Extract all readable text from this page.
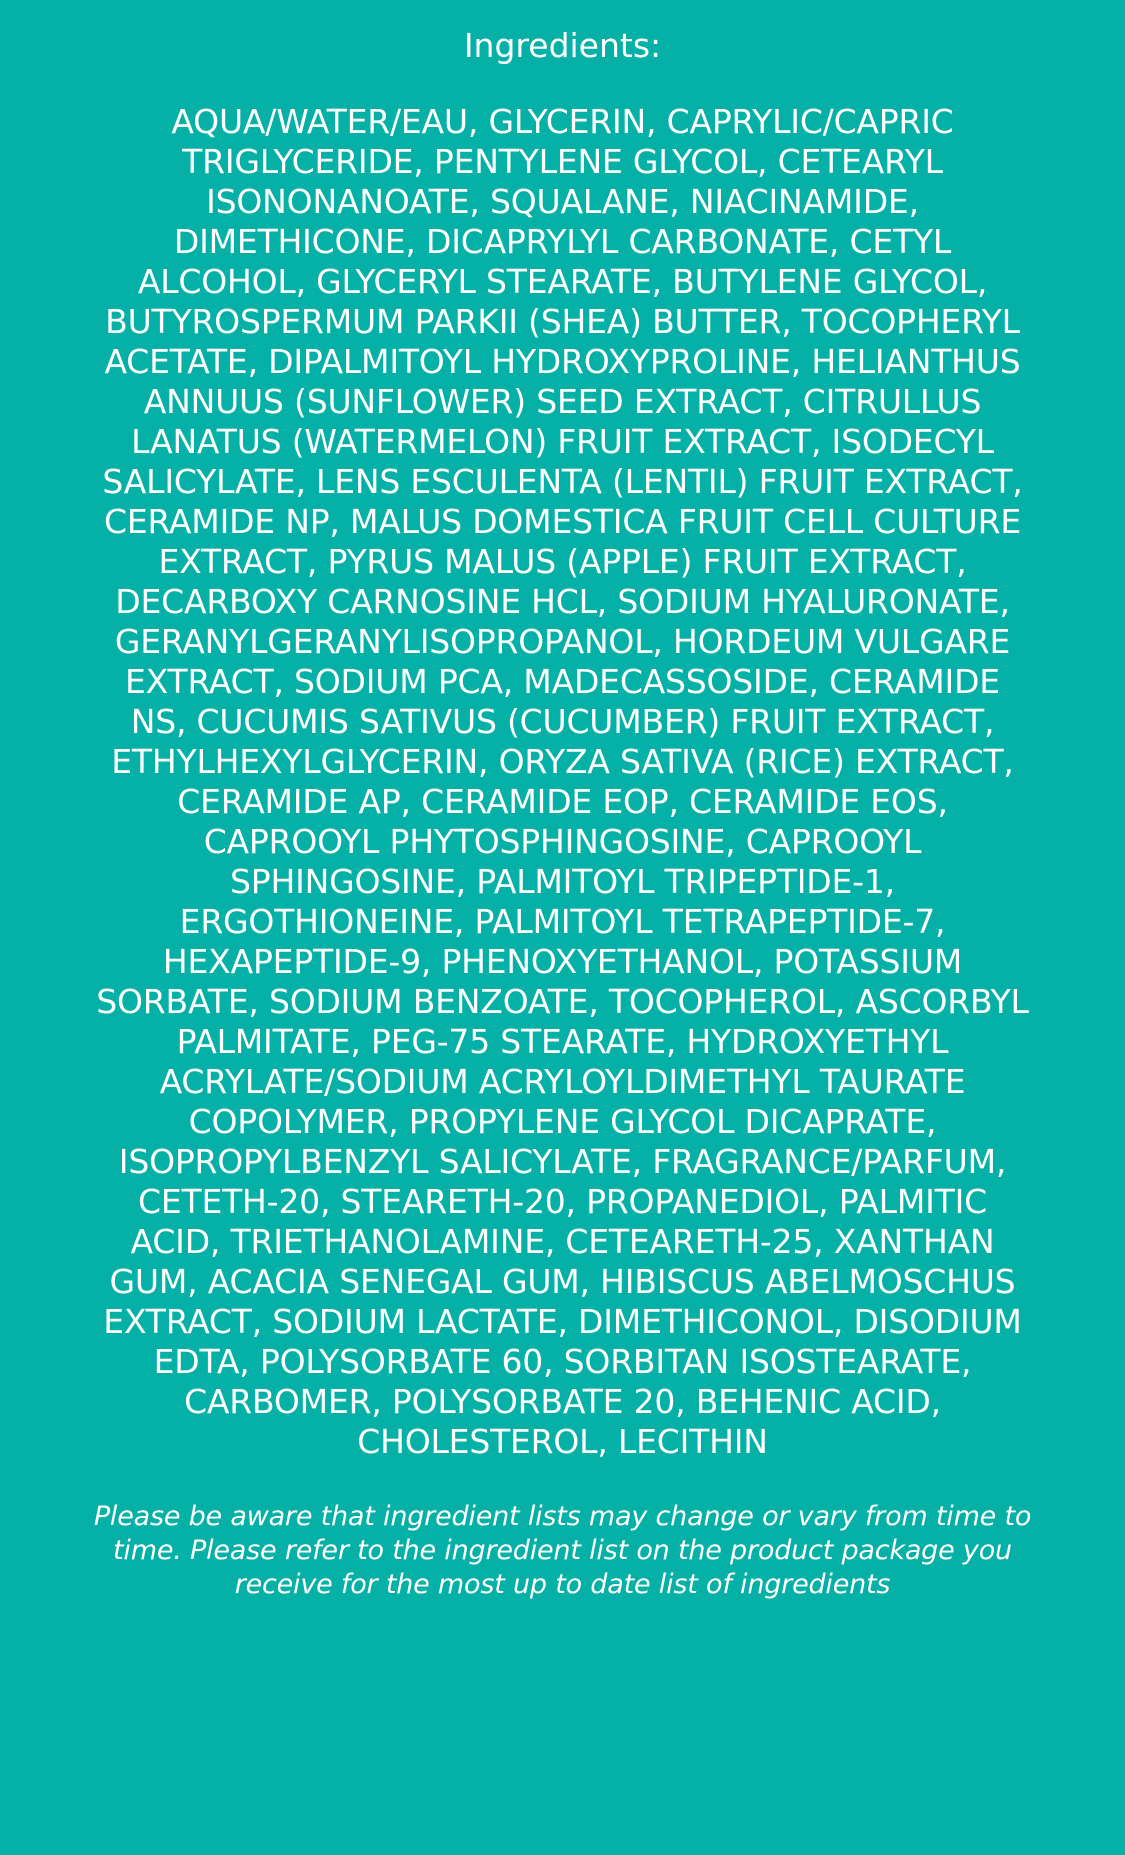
Ingredients:

AQUA/WATER/EAU, GLYCERIN, CAPRYLIC/CAPRIC TRIGLYCERIDE, PENTYLENE GLYCOL, CETEARYL ISONONANOATE, SQUALANE, NIACINAMIDE, DIMETHICONE, DICAPRYLYL CARBONATE, CETYL ALCOHOL, GLYCERYL STEARATE, BUTYLENE GLYCOL, BUTYROSPERMUM PARKII (SHEA) BUTTER, TOCOPHERYL ACETATE, DIPALMITOYL HYDROXYPROLINE, HELIANTHUS ANNUUS (SUNFLOWER) SEED EXTRACT, CITRULLUS LANATUS (WATERMELON) FRUIT EXTRACT, ISODECYL SALICYLATE, LENS ESCULENTA (LENTIL) FRUIT EXTRACT, CERAMIDE NP, MALUS DOMESTICA FRUIT CELL CULTURE EXTRACT, PYRUS MALUS (APPLE) FRUIT EXTRACT, DECARBOXY CARNOSINE HCL, SODIUM HYALURONATE, GERANYLGERANYLISOPROPANOL, HORDEUM VULGARE EXTRACT, SODIUM PCA, MADECASSOSIDE, CERAMIDE NS, CUCUMIS SATIVUS (CUCUMBER) FRUIT EXTRACT, ETHYLHEXYLGLYCERIN, ORYZA SATIVA (RICE) EXTRACT, CERAMIDE AP, CERAMIDE EOP, CERAMIDE EOS, CAPROOYL PHYTOSPHINGOSINE, CAPROOYL SPHINGOSINE, PALMITOYL TRIPEPTIDE-1, ERGOTHIONEINE, PALMITOYL TETRAPEPTIDE-7, HEXAPEPTIDE-9, PHENOXYETHANOL, POTASSIUM SORBATE, SODIUM BENZOATE, TOCOPHEROL, ASCORBYL PALMITATE, PEG-75 STEARATE, HYDROXYETHYL ACRYLATE/SODIUM ACRYLOYLDIMETHYL TAURATE COPOLYMER, PROPYLENE GLYCOL DICAPRATE, ISOPROPYLBENZYL SALICYLATE, FRAGRANCE/PARFUM, CETETH-20, STEARETH-20, PROPANEDIOL, PALMITIC ACID, TRIETHANOLAMINE, CETEARETH-25, XANTHAN GUM, ACACIA SENEGAL GUM, HIBISCUS ABELMOSCHUS EXTRACT, SODIUM LACTATE, DIMETHICONOL, DISODIUM EDTA, POLYSORBATE 60, SORBITAN ISOSTEARATE, CARBOMER, POLYSORBATE 20, BEHENIC ACID, CHOLESTEROL, LECITHIN

Please be aware that ingredient lists may change or vary from time to time. Please refer to the ingredient list on the product package you receive for the most up to date list of ingredients
